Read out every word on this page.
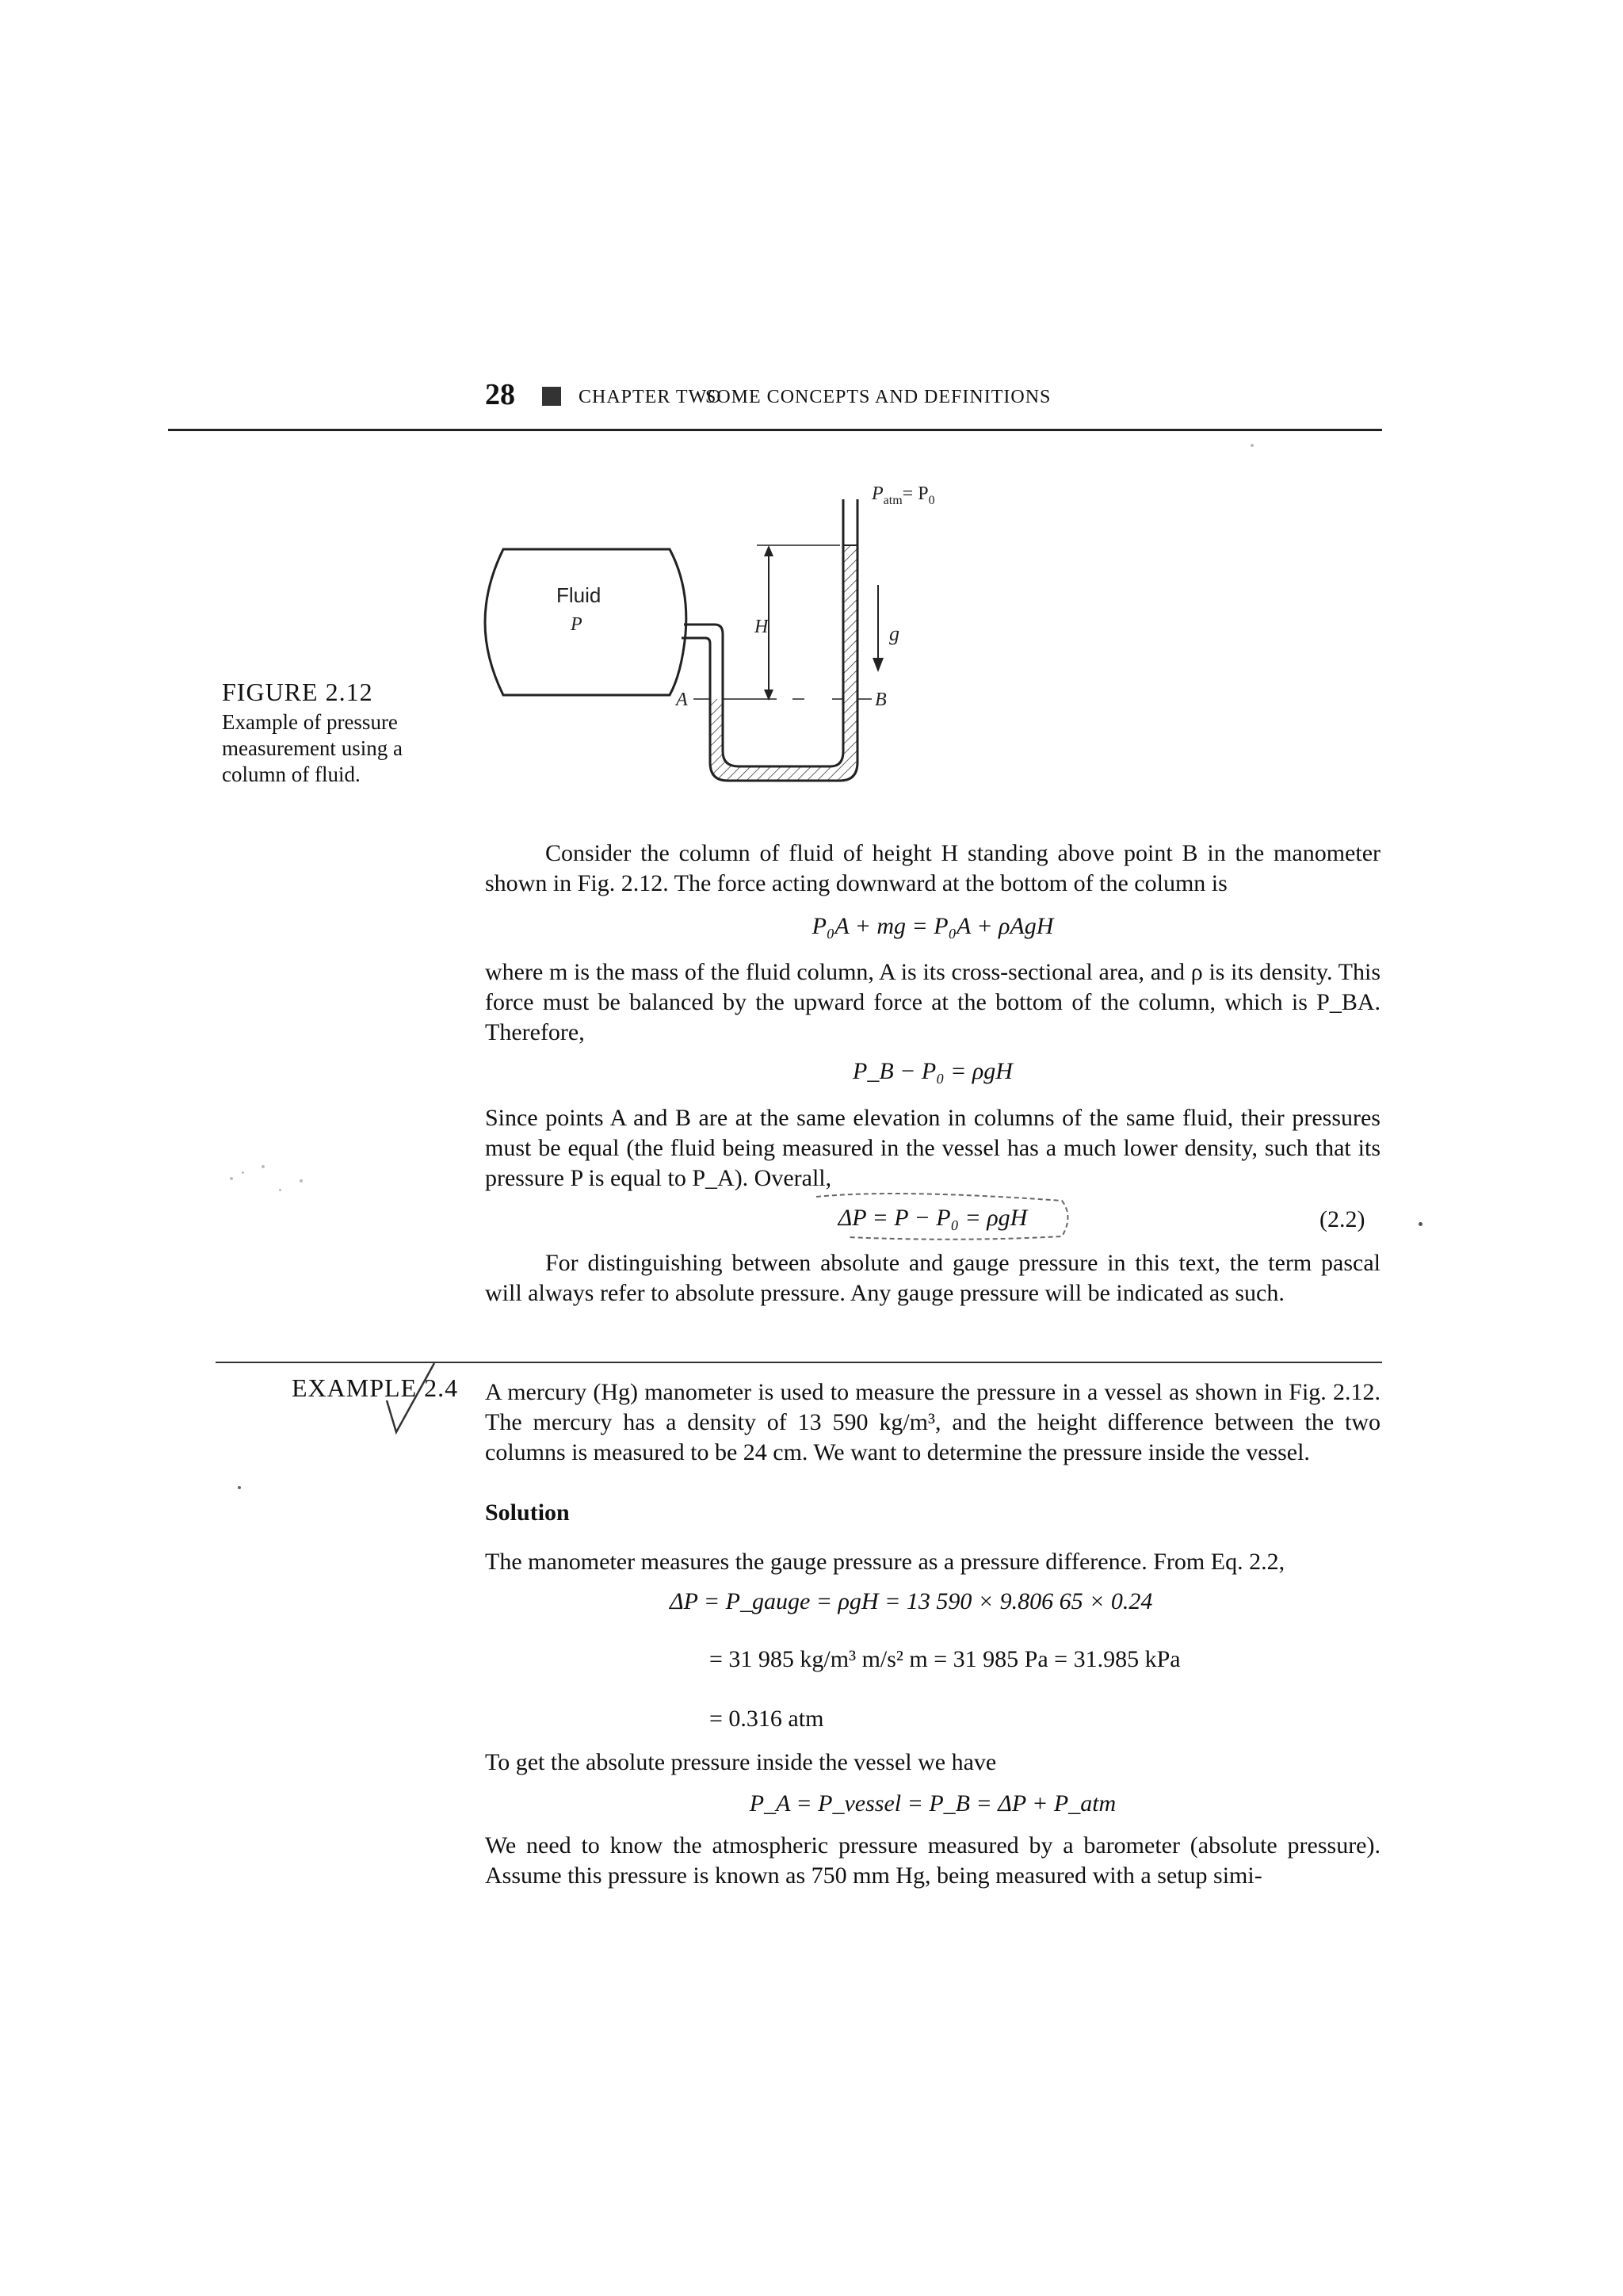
28	CHAPTER TWO
SOME CONCEPTS AND DEFINITIONS
FIGURE 2.12
Example of pressure measurement using a column of fluid.
$P_{atm}= P_0$
Fluid
P	H	g
A	B
Consider the column of fluid of height H standing above point B in the manometer shown in Fig. 2.12. The force acting downward at the bottom of the column is
P₀A + mg = P₀A + ρAgH
where m is the mass of the fluid column, A is its cross-sectional area, and ρ is its density. This force must be balanced by the upward force at the bottom of the column, which is P_BA. Therefore,
P_B − P₀ = ρgH
Since points A and B are at the same elevation in columns of the same fluid, their pressures must be equal (the fluid being measured in the vessel has a much lower density, such that its pressure P is equal to P_A). Overall,
ΔP = P − P₀ = ρgH	(2.2)
For distinguishing between absolute and gauge pressure in this text, the term pascal will always refer to absolute pressure. Any gauge pressure will be indicated as such.
EXAMPLE 2.4 A mercury (Hg) manometer is used to measure the pressure in a vessel as shown in Fig. 2.12. The mercury has a density of 13 590 kg/m³, and the height difference between the two columns is measured to be 24 cm. We want to determine the pressure inside the vessel.
Solution
The manometer measures the gauge pressure as a pressure difference. From Eq. 2.2,
ΔP = P_gauge = ρgH = 13 590 × 9.806 65 × 0.24
= 31 985 kg/m³ m/s² m = 31 985 Pa = 31.985 kPa
= 0.316 atm
To get the absolute pressure inside the vessel we have
P_A = P_vessel = P_B = ΔP + P_atm
We need to know the atmospheric pressure measured by a barometer (absolute pressure). Assume this pressure is known as 750 mm Hg, being measured with a setup simi-
